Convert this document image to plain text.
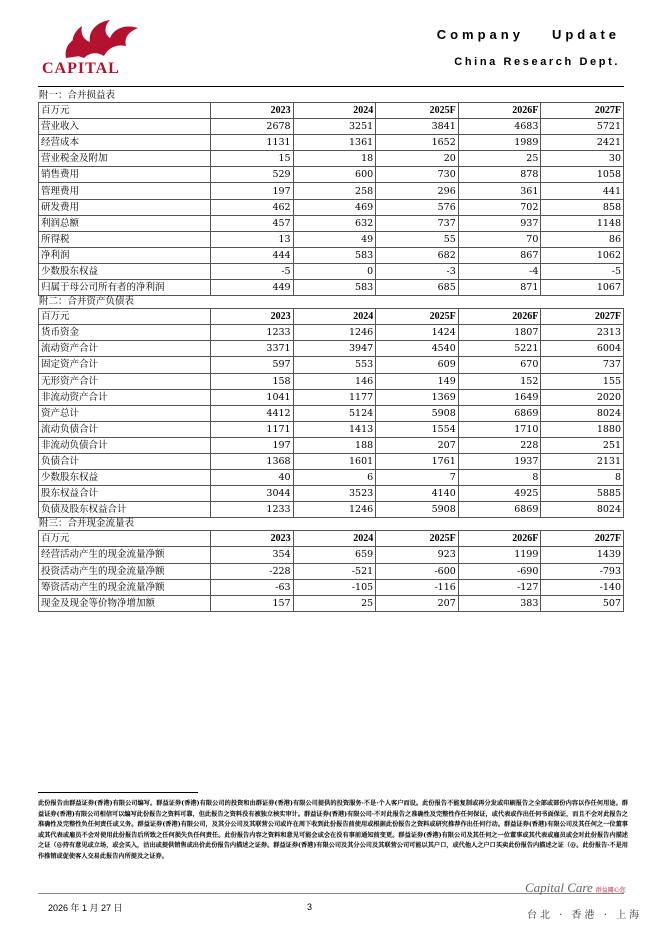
CAPITAL
Company Update
China Research Dept.
附一：合并损益表
百万元	2023	2024	2025F	2026F	2027F
营业收入	2678	3251	3841	4683	5721
经营成本	1131	1361	1652	1989	2421
营业税金及附加	15	18	20	25	30
销售费用	529	600	730	878	1058
管理费用	197	258	296	361	441
研发费用	462	469	576	702	858
利润总额	457	632	737	937	1148
所得税	13	49	55	70	86
净利润	444	583	682	867	1062
少数股东权益	-5	0	-3	-4	-5
归属于母公司所有者的净利润	449	583	685	871	1067
附二：合并资产负债表
百万元	2023	2024	2025F	2026F	2027F
货币资金	1233	1246	1424	1807	2313
流动资产合计	3371	3947	4540	5221	6004
固定资产合计	597	553	609	670	737
无形资产合计	158	146	149	152	155
非流动资产合计	1041	1177	1369	1649	2020
资产总计	4412	5124	5908	6869	8024
流动负债合计	1171	1413	1554	1710	1880
非流动负债合计	197	188	207	228	251
负债合计	1368	1601	1761	1937	2131
少数股东权益	40	6	7	8	8
股东权益合计	3044	3523	4140	4925	5885
负债及股东权益合计	1233	1246	5908	6869	8024
附三：合并现金流量表
百万元	2023	2024	2025F	2026F	2027F
经营活动产生的现金流量净额	354	659	923	1199	1439
投资活动产生的现金流量净额	-228	-521	-600	-690	-793
筹资活动产生的现金流量净额	-63	-105	-116	-127	-140
现金及现金等价物净增加额	157	25	207	383	507
此份报告由群益证券(香港)有限公司编写。群益证券(香港)有限公司的投资和由群证券(香港)有限公司提供的投资服务·不是·个人客户而设。此份报告不能复制或再分发或印刷报告之全部或部份内容以作任何用途。群益证券(香港)有限公司相信可以编写此份报告之资料可靠，但此报告之资料没有被独立核实审计。群益证券(香港)有限公司·不对此报告之准确性及完整性作任何保证，或代表或作出任何书面保证，而且不会对此报告之准确性及完整性负任何责任或义务。群益证券(香港)有限公司，及其分公司及其联营公司或许在周下收到此份报告前使用或根据此份报告之资料或研究推荐作出任何行动。群益证券(香港)有限公司及其任何之一位董事或其代表或雇员不会对使用此份报告后所致之任何损失负任何责任。此份报告内容之资料和意见可能会或会在没有事前通知前变更。群益证券(香港)有限公司及其任何之一位董事或其代表或雇员或会对此份报告内描述之证（@持有意见或立场，或会买入，沽出或提供销售或出价此份报告内描述之证券。群益证券(香港)有限公司及其分公司及其联营公司可能以其户口，或代他人之户口买卖此份报告内描述之证（@。此份报告·不是用作推销或促使客人交易此报告内所提及之证券。
2026 年 1 月 27 日	3
Capital Care 群益關心您
台北 · 香港 · 上海
